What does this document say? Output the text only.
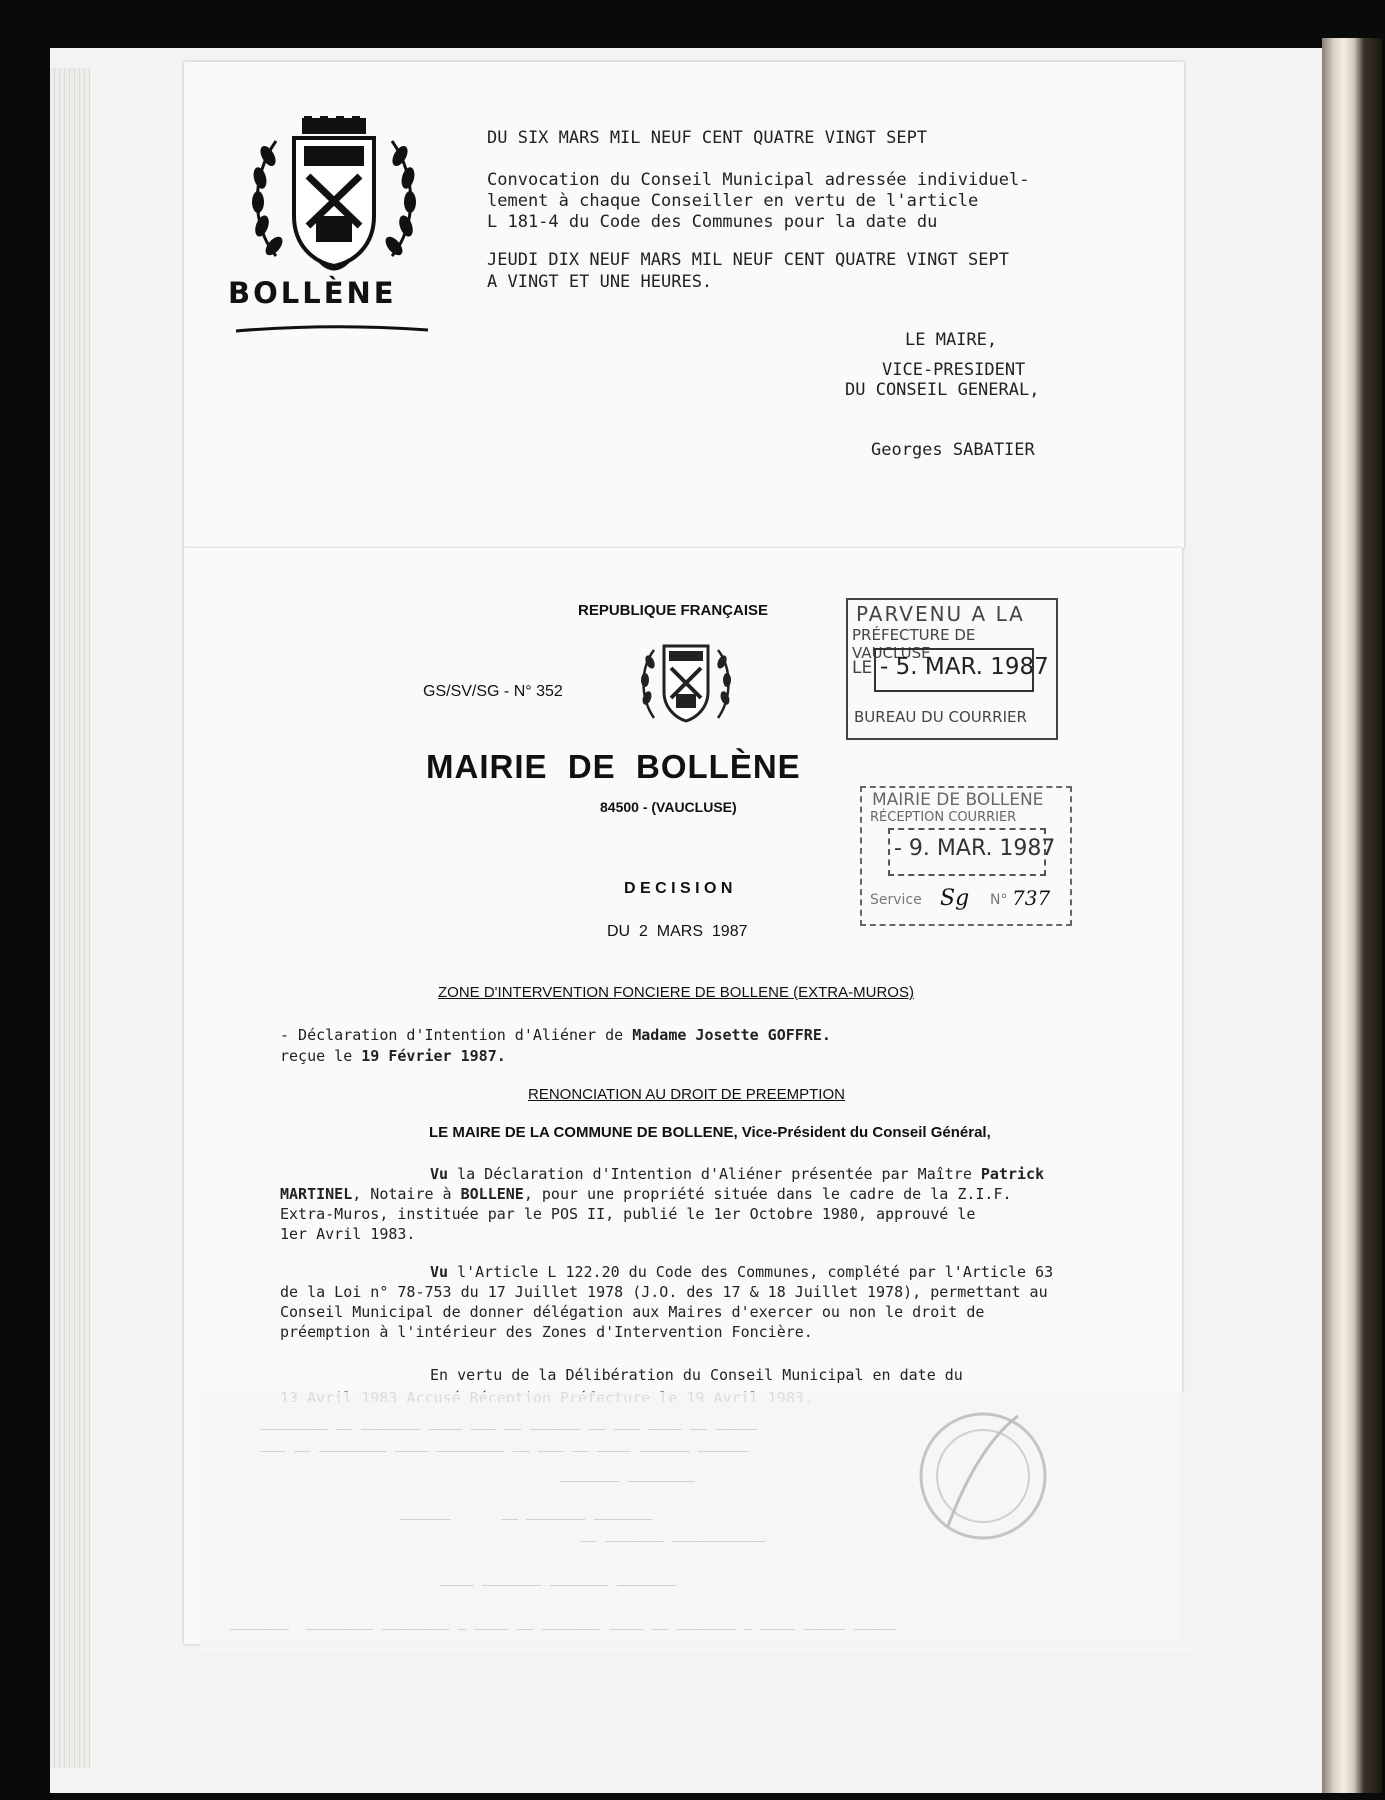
BOLLÈNE
DU SIX MARS MIL NEUF CENT QUATRE VINGT SEPT
Convocation du Conseil Municipal adressée individuel-
lement à chaque Conseiller en vertu de l'article
L 181-4 du Code des Communes pour la date du
JEUDI DIX NEUF MARS MIL NEUF CENT QUATRE VINGT SEPT
A VINGT ET UNE HEURES.
LE MAIRE,
VICE-PRESIDENT
DU CONSEIL GENERAL,
Georges SABATIER
REPUBLIQUE FRANÇAISE
GS/SV/SG - N° 352
MAIRIE  DE  BOLLÈNE
84500 - (VAUCLUSE)
D E C I S I O N
DU  2  MARS  1987
ZONE D'INTERVENTION FONCIERE DE BOLLENE (EXTRA-MUROS)
- Déclaration d'Intention d'Aliéner de Madame Josette GOFFRE.
reçue le 19 Février 1987.
RENONCIATION AU DROIT DE PREEMPTION
LE MAIRE DE LA COMMUNE DE BOLLENE, Vice-Président du Conseil Général,
Vu la Déclaration d'Intention d'Aliéner présentée par Maître Patrick
MARTINEL, Notaire à BOLLENE, pour une propriété située dans le cadre de la Z.I.F.
Extra-Muros, instituée par le POS II, publié le 1er Octobre 1980, approuvé le
1er Avril 1983.
Vu l'Article L 122.20 du Code des Communes, complété par l'Article 63
de la Loi n° 78-753 du 17 Juillet 1978 (J.O. des 17 & 18 Juillet 1978), permettant au
Conseil Municipal de donner délégation aux Maires d'exercer ou non le droit de
préemption à l'intérieur des Zones d'Intervention Foncière.
En vertu de la Délibération du Conseil Municipal en date du
________ __ _______ ____ ___ __ ______ __ ___ ____ __ _____
___ __ ________ ____ ________ __ ___ __ ____ ______ ______
_______ ________
______      __ _______ _______
__ _______ ___________
____ _______ _______ _______
_______  ________ ________ _ ____ __ _______ ____ __ _______ _ ____ _____ _____
PARVENU A LA
PRÉFECTURE DE VAUCLUSE
LE - 5. MAR. 1987
BUREAU DU COURRIER
MAIRIE DE BOLLENE
RÉCEPTION COURRIER
- 9. MAR. 1987
Service Sg N° 737
